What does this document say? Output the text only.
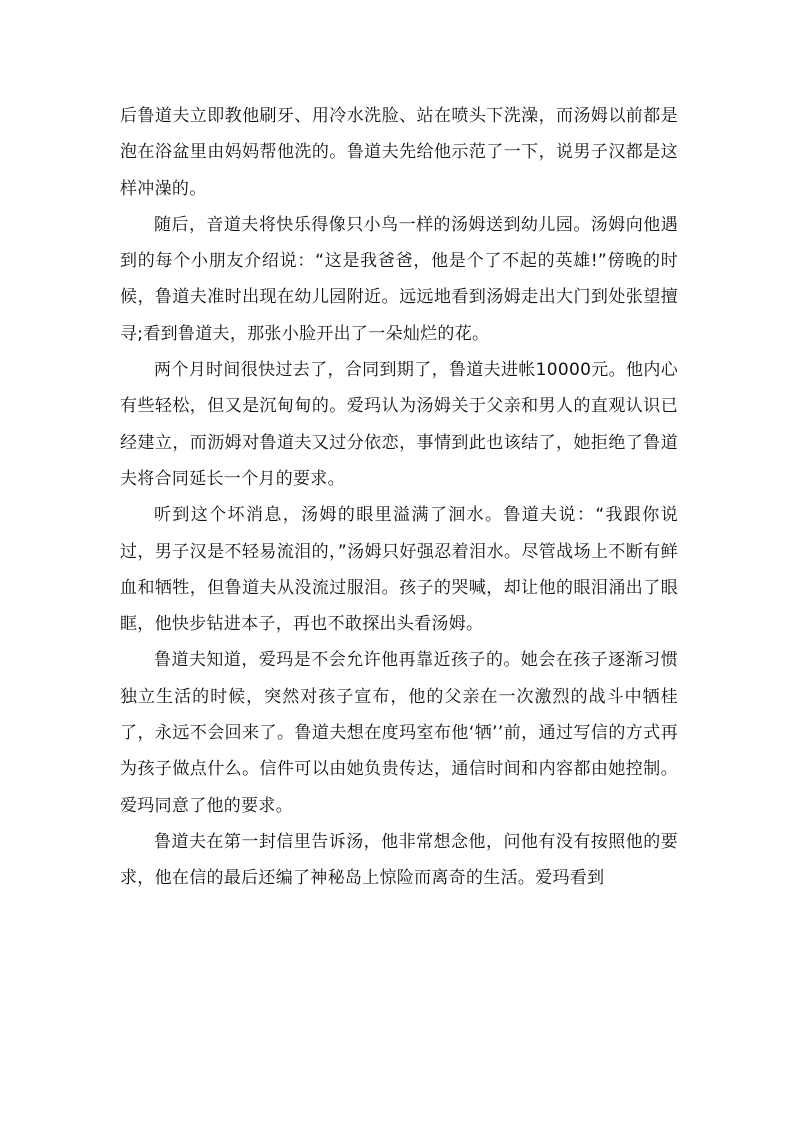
后鲁道夫立即教他刷牙、用冷水洗脸、站在喷头下洗澡，而汤姆以前都是泡在浴盆里由妈妈帮他洗的。鲁道夫先给他示范了一下，说男子汉都是这样冲澡的。

随后，音道夫将快乐得像只小鸟一样的汤姆送到幼儿园。汤姆向他遇到的每个小朋友介绍说：“这是我爸爸，他是个了不起的英雄!”傍晚的时候，鲁道夫准时出现在幼儿园附近。远远地看到汤姆走出大门到处张望擅寻;看到鲁道夫，那张小脸开出了一朵灿烂的花。

两个月时间很快过去了，合同到期了，鲁道夫进帐10000元。他内心有些轻松，但又是沉甸甸的。爱玛认为汤姆关于父亲和男人的直观认识已经建立，而沥姆对鲁道夫又过分依恋，事情到此也该结了，她拒绝了鲁道夫将合同延长一个月的要求。

听到这个坏消息，汤姆的眼里溢满了洄水。鲁道夫说：“我跟你说过，男子汉是不轻易流泪的，”汤姆只好强忍着泪水。尽管战场上不断有鲜血和牺牲，但鲁道夫从没流过服泪。孩子的哭喊，却让他的眼泪涌出了眼眶，他快步钻进本子，再也不敢探出头看汤姆。

鲁道夫知道，爱玛是不会允许他再靠近孩子的。她会在孩子逐渐习惯独立生活的时候，突然对孩子宣布，他的父亲在一次激烈的战斗中牺桂了，永远不会回来了。鲁道夫想在度玛室布他‘牺’’前，通过写信的方式再为孩子做点什么。信件可以由她负贵传达，通信时间和内容都由她控制。爱玛同意了他的要求。

鲁道夫在第一封信里告诉汤，他非常想念他，问他有没有按照他的要求，他在信的最后还编了神秘岛上惊险而离奇的生活。爱玛看到
